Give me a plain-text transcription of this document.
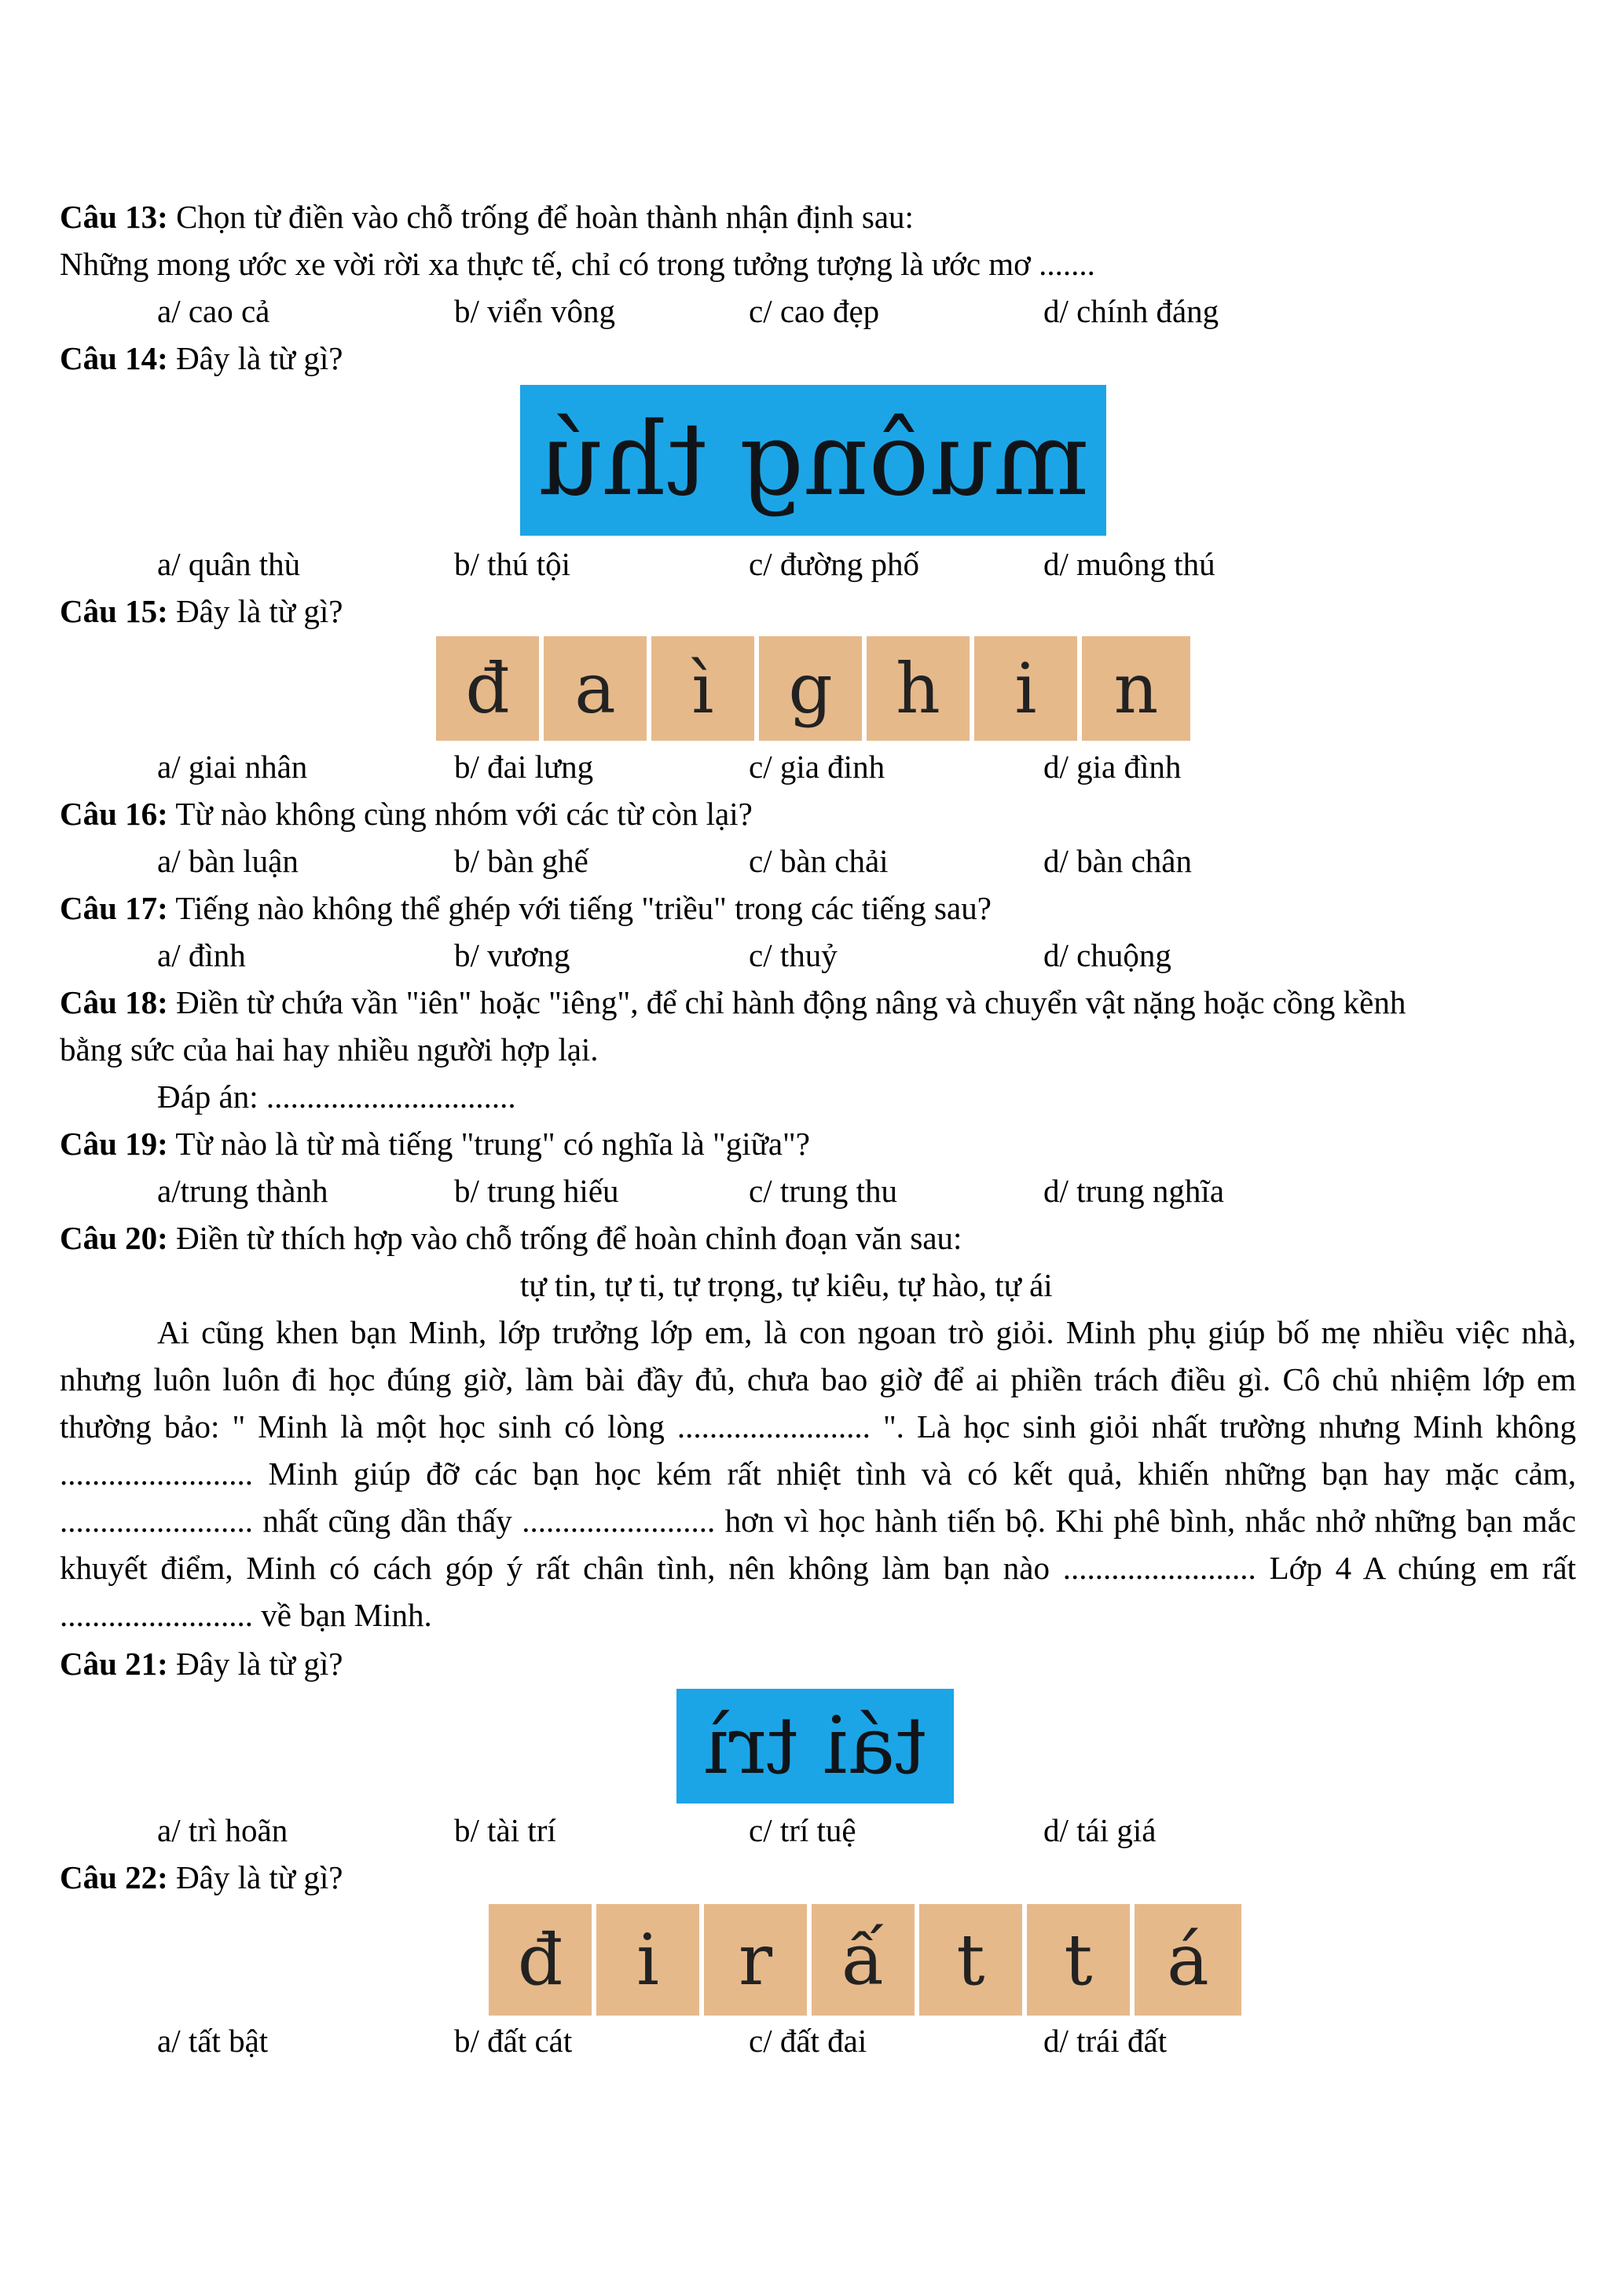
Câu 13: Chọn từ điền vào chỗ trống để hoàn thành nhận định sau:
Những mong ước xe vời rời xa thực tế, chỉ có trong tưởng tượng là ước mơ .......
a/ cao cả	b/ viển vông	c/ cao đẹp	d/ chính đáng
Câu 14: Đây là từ gì?
muông thú
a/ quân thù	b/ thú tội	c/ đường phố	d/ muông thú
Câu 15: Đây là từ gì?
đ a	ì	g h	i	n
a/ giai nhân	b/ đai lưng	c/ gia đinh	d/ gia đình
Câu 16: Từ nào không cùng nhóm với các từ còn lại?
a/ bàn luận	b/ bàn ghế	c/ bàn chải	d/ bàn chân
Câu 17: Tiếng nào không thể ghép với tiếng "triều" trong các tiếng sau?
a/ đình	b/ vương	c/ thuỷ	d/ chuộng
Câu 18: Điền từ chứa vần "iên" hoặc "iêng", để chỉ hành động nâng và chuyển vật nặng hoặc cồng kềnh
bằng sức của hai hay nhiều người hợp lại.
Đáp án: ...............................
Câu 19: Từ nào là từ mà tiếng "trung" có nghĩa là "giữa"?
a/trung thành	b/ trung hiếu	c/ trung thu	d/ trung nghĩa
Câu 20: Điền từ thích hợp vào chỗ trống để hoàn chỉnh đoạn văn sau:
tự tin, tự ti, tự trọng, tự kiêu, tự hào, tự ái
Ai cũng khen bạn Minh, lớp trưởng lớp em, là con ngoan trò giỏi. Minh phụ giúp bố mẹ nhiều việc nhà, nhưng luôn luôn đi học đúng giờ, làm bài đầy đủ, chưa bao giờ để ai phiền trách điều gì. Cô chủ nhiệm lớp em thường bảo: " Minh là một học sinh có lòng ........................ ". Là học sinh giỏi nhất trường nhưng Minh không ........................ Minh giúp đỡ các bạn học kém rất nhiệt tình và có kết quả, khiến những bạn hay mặc cảm, ........................ nhất cũng dần thấy ........................ hơn vì học hành tiến bộ. Khi phê bình, nhắc nhở những bạn mắc khuyết điểm, Minh có cách góp ý rất chân tình, nên không làm bạn nào ........................ Lớp 4 A chúng em rất ........................ về bạn Minh.
Câu 21: Đây là từ gì?
tái trì
a/ trì hoãn	b/ tài trí	c/ trí tuệ	d/ tái giá
Câu 22: Đây là từ gì?
đ	i	r ấ	t	t	á
a/ tất bật	b/ đất cát	c/ đất đai	d/ trái đất
